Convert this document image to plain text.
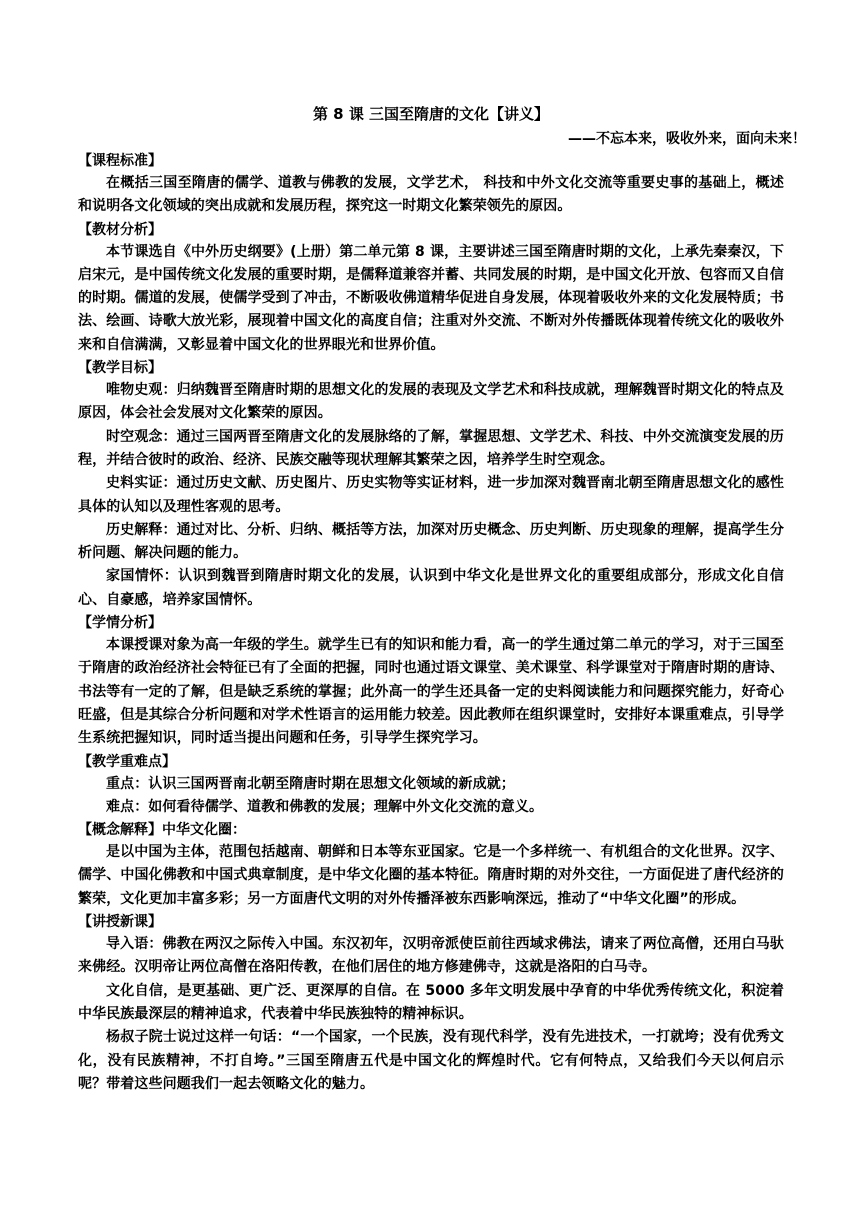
第 8 课 三国至隋唐的文化【讲义】
——不忘本来，吸收外来，面向未来！
【课程标准】
在概括三国至隋唐的儒学、道教与佛教的发展，文学艺术， 科技和中外文化交流等重要史事的基础上，概述和说明各文化领域的突出成就和发展历程，探究这一时期文化繁荣领先的原因。
【教材分析】
本节课选自《中外历史纲要》(上册）第二单元第 8 课，主要讲述三国至隋唐时期的文化，上承先秦秦汉，下启宋元，是中国传统文化发展的重要时期，是儒释道兼容并蓄、共同发展的时期，是中国文化开放、包容而又自信的时期。儒道的发展，使儒学受到了冲击，不断吸收佛道精华促进自身发展，体现着吸收外来的文化发展特质；书法、绘画、诗歌大放光彩，展现着中国文化的高度自信；注重对外交流、不断对外传播既体现着传统文化的吸收外来和自信满满，又彰显着中国文化的世界眼光和世界价值。
【教学目标】
唯物史观：归纳魏晋至隋唐时期的思想文化的发展的表现及文学艺术和科技成就，理解魏晋时期文化的特点及原因，体会社会发展对文化繁荣的原因。
时空观念：通过三国两晋至隋唐文化的发展脉络的了解，掌握思想、文学艺术、科技、中外交流演变发展的历程，并结合彼时的政治、经济、民族交融等现状理解其繁荣之因，培养学生时空观念。
史料实证：通过历史文献、历史图片、历史实物等实证材料，进一步加深对魏晋南北朝至隋唐思想文化的感性具体的认知以及理性客观的思考。
历史解释：通过对比、分析、归纳、概括等方法，加深对历史概念、历史判断、历史现象的理解，提高学生分析问题、解决问题的能力。
家国情怀：认识到魏晋到隋唐时期文化的发展，认识到中华文化是世界文化的重要组成部分，形成文化自信心、自豪感，培养家国情怀。
【学情分析】
本课授课对象为高一年级的学生。就学生已有的知识和能力看，高一的学生通过第二单元的学习，对于三国至于隋唐的政治经济社会特征已有了全面的把握，同时也通过语文课堂、美术课堂、科学课堂对于隋唐时期的唐诗、书法等有一定的了解，但是缺乏系统的掌握；此外高一的学生还具备一定的史料阅读能力和问题探究能力，好奇心旺盛，但是其综合分析问题和对学术性语言的运用能力较差。因此教师在组织课堂时，安排好本课重难点，引导学生系统把握知识，同时适当提出问题和任务，引导学生探究学习。
【教学重难点】
重点：认识三国两晋南北朝至隋唐时期在思想文化领域的新成就；
难点：如何看待儒学、道教和佛教的发展；理解中外文化交流的意义。
【概念解释】中华文化圈：
是以中国为主体，范围包括越南、朝鲜和日本等东亚国家。它是一个多样统一、有机组合的文化世界。汉字、儒学、中国化佛教和中国式典章制度，是中华文化圈的基本特征。隋唐时期的对外交往，一方面促进了唐代经济的繁荣，文化更加丰富多彩；另一方面唐代文明的对外传播泽被东西影响深远，推动了“中华文化圈”的形成。
【讲授新课】
导入语：佛教在两汉之际传入中国。东汉初年，汉明帝派使臣前往西域求佛法，请来了两位高僧，还用白马驮来佛经。汉明帝让两位高僧在洛阳传教，在他们居住的地方修建佛寺，这就是洛阳的白马寺。
文化自信，是更基础、更广泛、更深厚的自信。在 5000 多年文明发展中孕育的中华优秀传统文化，积淀着中华民族最深层的精神追求，代表着中华民族独特的精神标识。
杨叔子院士说过这样一句话：“一个国家，一个民族，没有现代科学，没有先进技术，一打就垮；没有优秀文化，没有民族精神，不打自垮。”三国至隋唐五代是中国文化的辉煌时代。它有何特点，又给我们今天以何启示呢？带着这些问题我们一起去领略文化的魅力。
